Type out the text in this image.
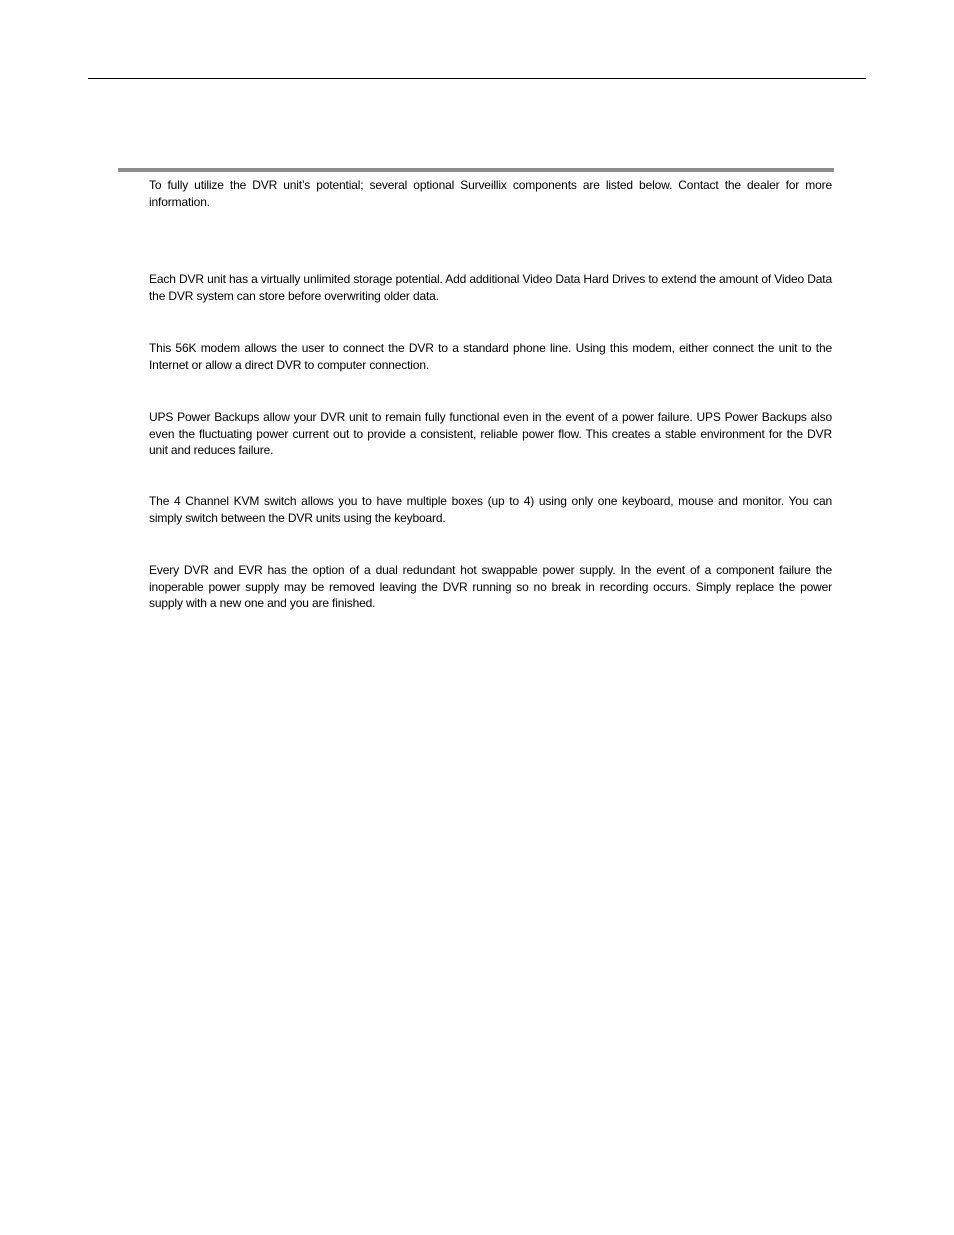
To fully utilize the DVR unit’s potential; several optional Surveillix components are listed below. Contact the dealer for more information.

Each DVR unit has a virtually unlimited storage potential. Add additional Video Data Hard Drives to extend the amount of Video Data the DVR system can store before overwriting older data.

This 56K modem allows the user to connect the DVR to a standard phone line. Using this modem, either connect the unit to the Internet or allow a direct DVR to computer connection.

UPS Power Backups allow your DVR unit to remain fully functional even in the event of a power failure. UPS Power Backups also even the fluctuating power current out to provide a consistent, reliable power flow. This creates a stable environment for the DVR unit and reduces failure.

The 4 Channel KVM switch allows you to have multiple boxes (up to 4) using only one keyboard, mouse and monitor. You can simply switch between the DVR units using the keyboard.

Every DVR and EVR has the option of a dual redundant hot swappable power supply. In the event of a component failure the inoperable power supply may be removed leaving the DVR running so no break in recording occurs. Simply replace the power supply with a new one and you are finished.
